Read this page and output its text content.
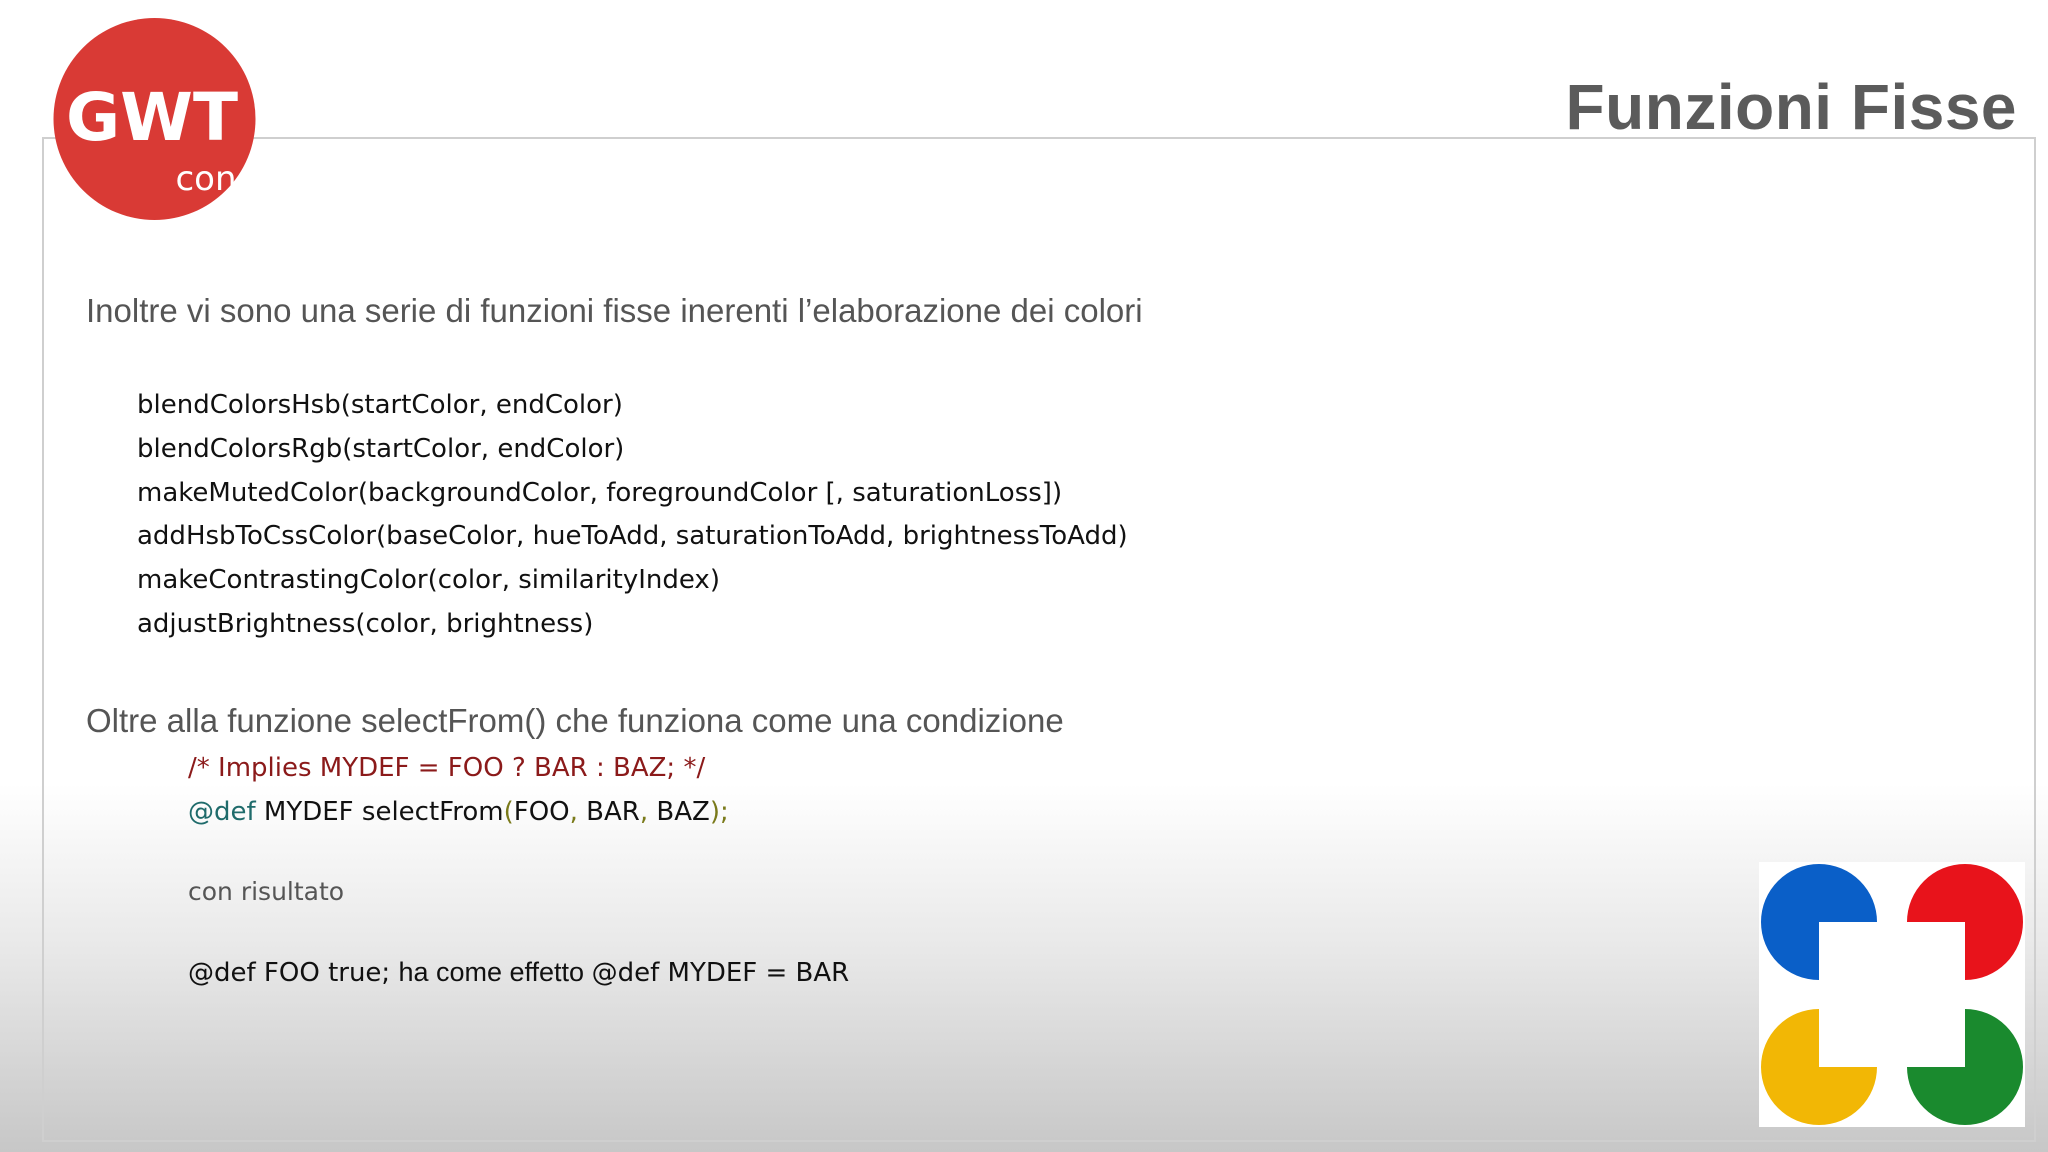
GWT
con
Funzioni Fisse
Inoltre vi sono una serie di funzioni fisse inerenti l’elaborazione dei colori
blendColorsHsb(startColor, endColor)
blendColorsRgb(startColor, endColor)
makeMutedColor(backgroundColor, foregroundColor [, saturationLoss])
addHsbToCssColor(baseColor, hueToAdd, saturationToAdd, brightnessToAdd)
makeContrastingColor(color, similarityIndex)
adjustBrightness(color, brightness)
Oltre alla funzione selectFrom() che funziona come una condizione
/* Implies MYDEF = FOO ? BAR : BAZ; */
@def MYDEF selectFrom(FOO, BAR, BAZ);
con risultato
@def FOO true; ha come effetto @def MYDEF = BAR
